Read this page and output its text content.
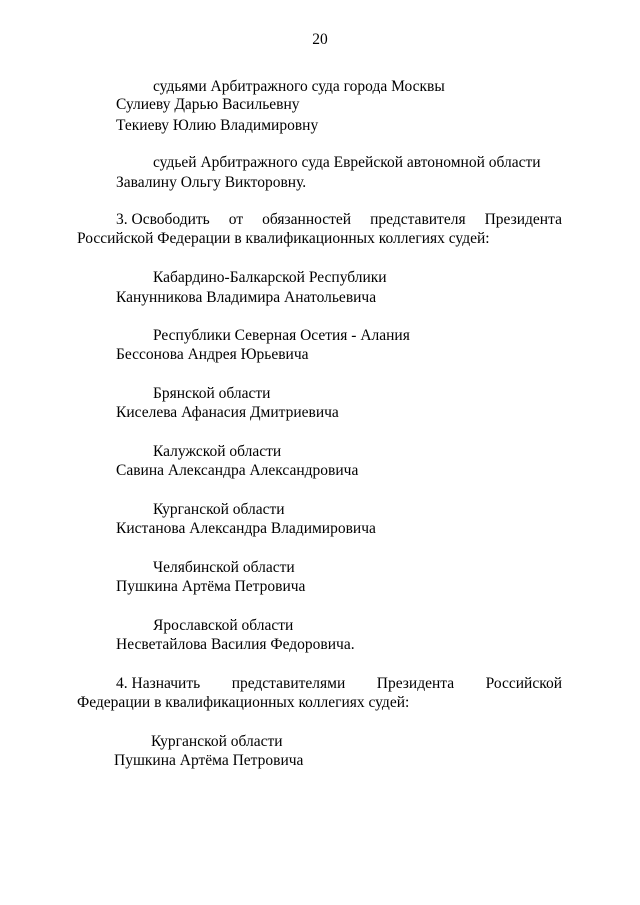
20
судьями Арбитражного суда города Москвы
Сулиеву Дарью Васильевну
Текиеву Юлию Владимировну
судьей Арбитражного суда Еврейской автономной области
Завалину Ольгу Викторовну.
3. Освободить от обязанностей представителя Президента
Российской Федерации в квалификационных коллегиях судей:
Кабардино-Балкарской Республики
Канунникова Владимира Анатольевича
Республики Северная Осетия - Алания
Бессонова Андрея Юрьевича
Брянской области
Киселева Афанасия Дмитриевича
Калужской области
Савина Александра Александровича
Курганской области
Кистанова Александра Владимировича
Челябинской области
Пушкина Артёма Петровича
Ярославской области
Несветайлова Василия Федоровича.
4. Назначить представителями Президента Российской
Федерации в квалификационных коллегиях судей:
Курганской области
Пушкина Артёма Петровича
